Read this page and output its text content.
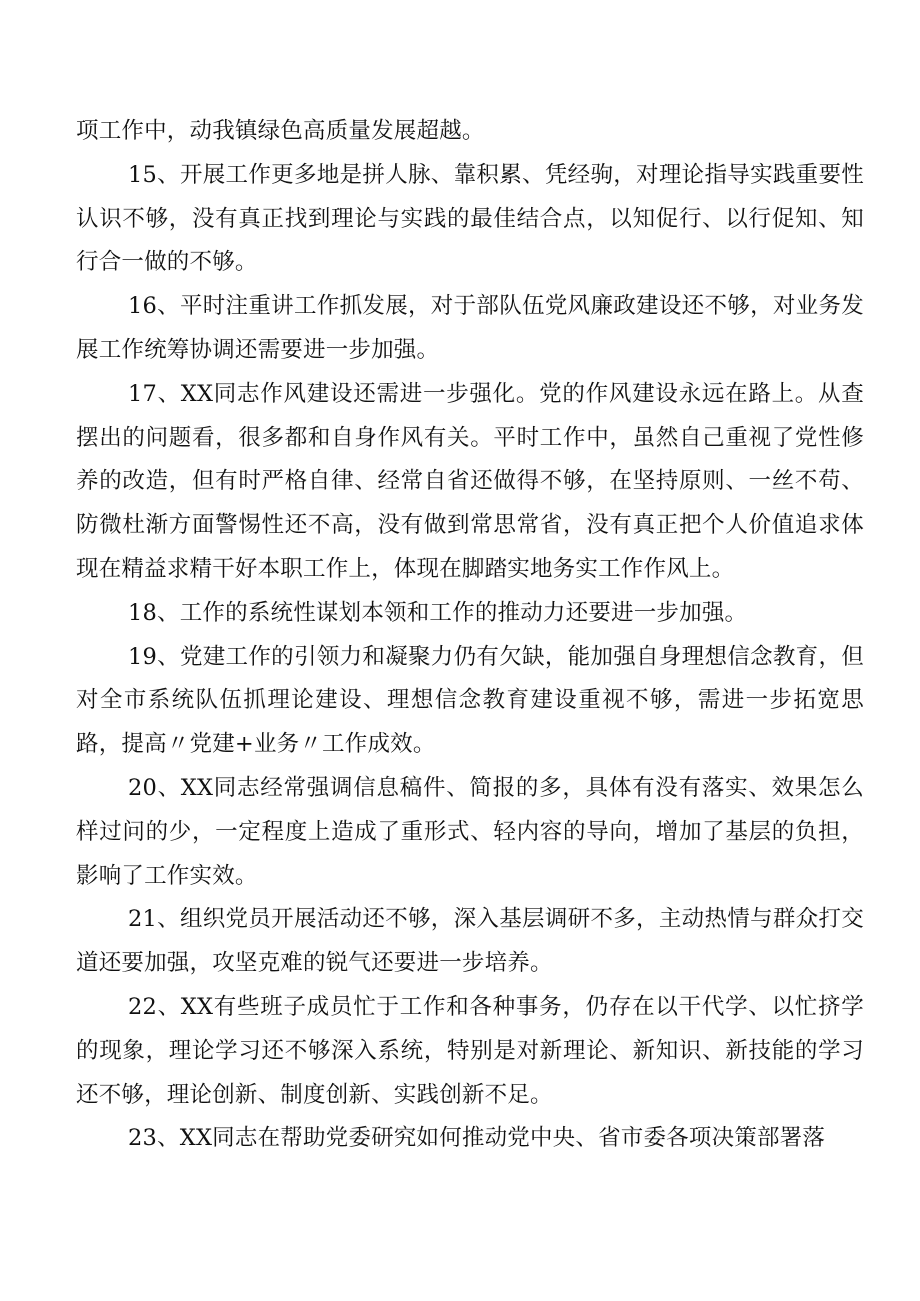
项工作中，动我镇绿色高质量发展超越。

15、开展工作更多地是拼人脉、靠积累、凭经驹，对理论指导实践重要性认识不够，没有真正找到理论与实践的最佳结合点，以知促行、以行促知、知行合一做的不够。

16、平时注重讲工作抓发展，对于部队伍党风廉政建设还不够，对业务发展工作统筹协调还需要进一步加强。

17、XX同志作风建设还需进一步强化。党的作风建设永远在路上。从查摆出的问题看，很多都和自身作风有关。平时工作中，虽然自己重视了党性修养的改造，但有时严格自律、经常自省还做得不够，在坚持原则、一丝不苟、防微杜渐方面警惕性还不高，没有做到常思常省，没有真正把个人价值追求体现在精益求精干好本职工作上，体现在脚踏实地务实工作作风上。

18、工作的系统性谋划本领和工作的推动力还要进一步加强。

19、党建工作的引领力和凝聚力仍有欠缺，能加强自身理想信念教育，但对全市系统队伍抓理论建设、理想信念教育建设重视不够，需进一步拓宽思路，提高〃党建+业务〃工作成效。

20、XX同志经常强调信息稿件、简报的多，具体有没有落实、效果怎么样过问的少，一定程度上造成了重形式、轻内容的导向，增加了基层的负担，影响了工作实效。

21、组织党员开展活动还不够，深入基层调研不多，主动热情与群众打交道还要加强，攻坚克难的锐气还要进一步培养。

22、XX有些班子成员忙于工作和各种事务，仍存在以干代学、以忙挤学的现象，理论学习还不够深入系统，特别是对新理论、新知识、新技能的学习还不够，理论创新、制度创新、实践创新不足。

23、XX同志在帮助党委研究如何推动党中央、省市委各项决策部署落
